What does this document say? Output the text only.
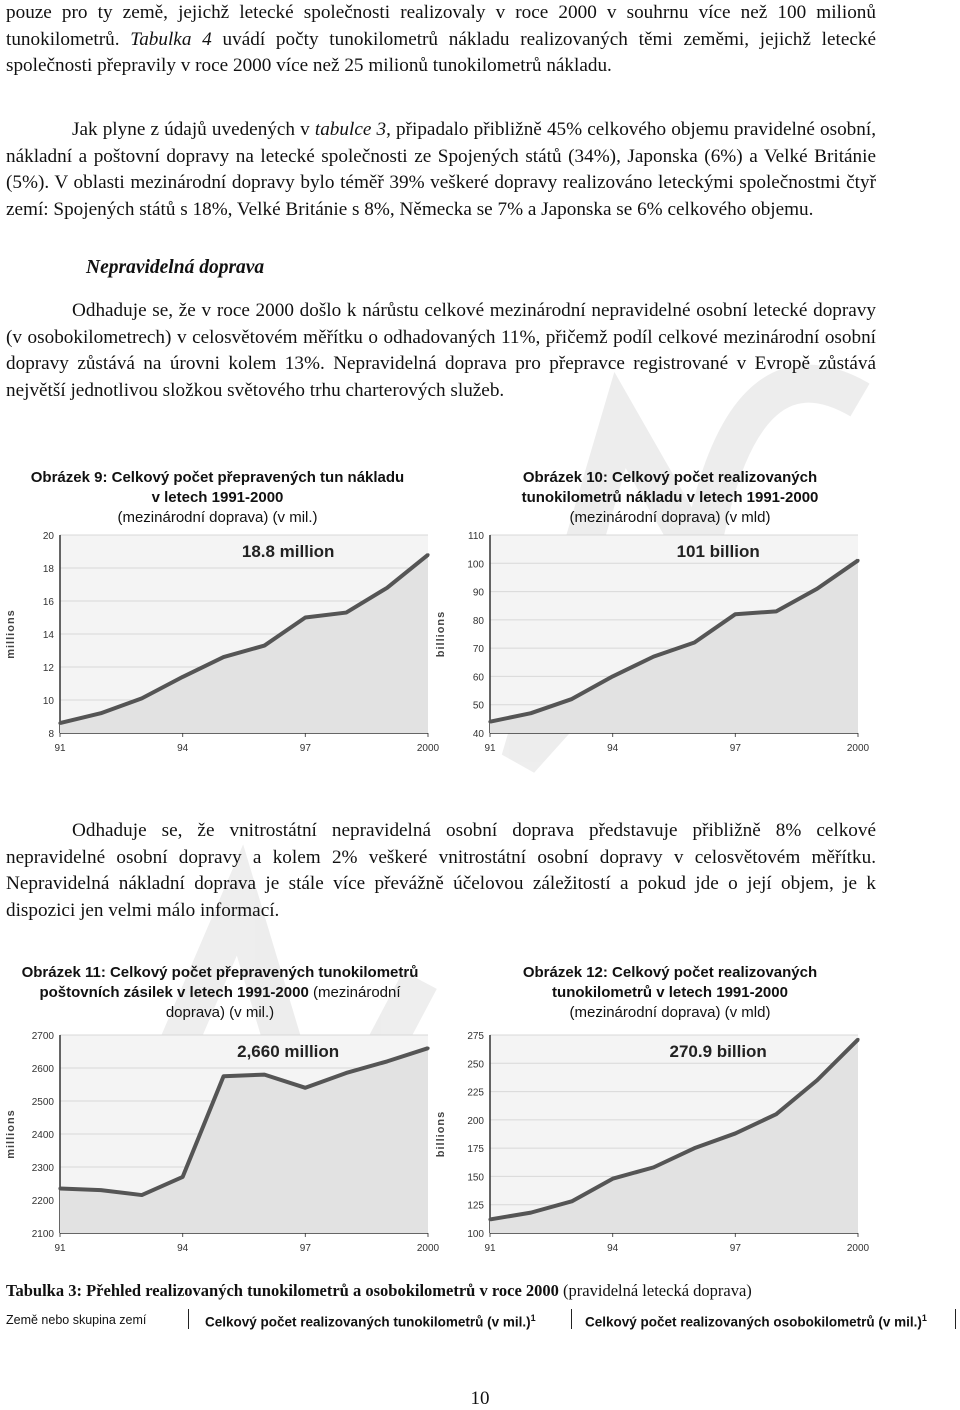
pouze pro ty země, jejichž letecké společnosti realizovaly v roce 2000 v souhrnu více než 100 milionů tunokilometrů. Tabulka 4 uvádí počty tunokilometrů nákladu realizovaných těmi zeměmi, jejichž letecké společnosti přepravily v roce 2000 více než 25 milionů tunokilometrů nákladu.

Jak plyne z údajů uvedených v tabulce 3, připadalo přibližně 45% celkového objemu pravidelné osobní, nákladní a poštovní dopravy na letecké společnosti ze Spojených států (34%), Japonska (6%) a Velké Británie (5%). V oblasti mezinárodní dopravy bylo téměř 39% veškeré dopravy realizováno leteckými společnostmi čtyř zemí: Spojených států s 18%, Velké Británie s 8%, Německa se 7% a Japonska se 6% celkového objemu.

Nepravidelná doprava

Odhaduje se, že v roce 2000 došlo k nárůstu celkové mezinárodní nepravidelné osobní letecké dopravy (v osobokilometrech) v celosvětovém měřítku o odhadovaných 11%, přičemž podíl celkové mezinárodní osobní dopravy zůstává na úrovni kolem 13%. Nepravidelná doprava pro přepravce registrované v Evropě zůstává největší jednotlivou složkou světového trhu charterových služeb.

Obrázek 9: Celkový počet přepravených tun nákladu v letech 1991-2000
(mezinárodní doprava) (v mil.)

8
10
12
14
16
18
20
91	94	97	2000
millions
18.8 million

Obrázek 10: Celkový počet realizovaných tunokilometrů nákladu v letech 1991-2000
(mezinárodní doprava) (v mld)

40
50
60
70
80
90
100
110
91	94	97	2000
billions
101 billion

Odhaduje se, že vnitrostátní nepravidelná osobní doprava představuje přibližně 8% celkové nepravidelné osobní dopravy a kolem 2% veškeré vnitrostátní osobní dopravy v celosvětovém měřítku. Nepravidelná nákladní doprava je stále více převážně účelovou záležitostí a pokud jde o její objem, je k dispozici jen velmi málo informací.

Obrázek 11: Celkový počet přepravených tunokilometrů poštovních zásilek v letech 1991-2000 (mezinárodní doprava) (v mil.)

2100
2200
2300
2400
2500
2600
2700
91	94	97	2000
millions
2,660 million

Obrázek 12: Celkový počet realizovaných tunokilometrů v letech 1991-2000
(mezinárodní doprava) (v mld)

100
125
150
175
200
225
250
275
91	94	97	2000
billions
270.9 billion

Tabulka 3: Přehled realizovaných tunokilometrů a osobokilometrů v roce 2000 (pravidelná letecká doprava)

Země nebo skupina zemí	Celkový počet realizovaných tunokilometrů (v mil.)$^1$	Celkový počet realizovaných osobokilometrů (v mil.)$^1$
10
